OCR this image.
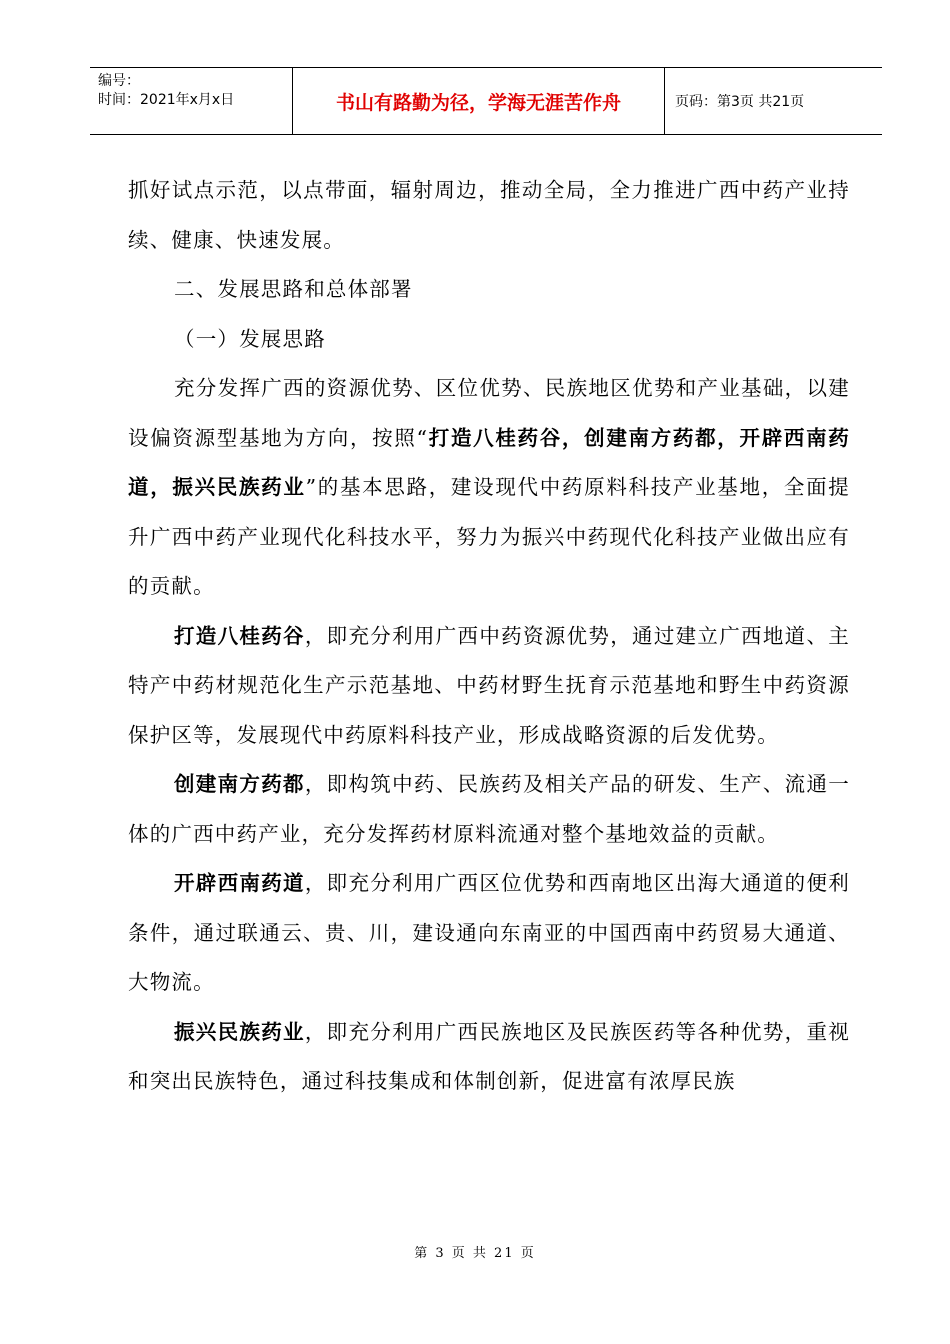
编号：
时间：2021年x月x日	书山有路勤为径，学海无涯苦作舟	页码：第3页 共21页

抓好试点示范，以点带面，辐射周边，推动全局，全力推进广西中药产业持续、健康、快速发展。

二、发展思路和总体部署

（一）发展思路

充分发挥广西的资源优势、区位优势、民族地区优势和产业基础，以建设偏资源型基地为方向，按照“打造八桂药谷，创建南方药都，开辟西南药道，振兴民族药业”的基本思路，建设现代中药原料科技产业基地，全面提升广西中药产业现代化科技水平，努力为振兴中药现代化科技产业做出应有的贡献。

打造八桂药谷，即充分利用广西中药资源优势，通过建立广西地道、主特产中药材规范化生产示范基地、中药材野生抚育示范基地和野生中药资源保护区等，发展现代中药原料科技产业，形成战略资源的后发优势。

创建南方药都，即构筑中药、民族药及相关产品的研发、生产、流通一体的广西中药产业，充分发挥药材原料流通对整个基地效益的贡献。

开辟西南药道，即充分利用广西区位优势和西南地区出海大通道的便利条件，通过联通云、贵、川，建设通向东南亚的中国西南中药贸易大通道、大物流。

振兴民族药业，即充分利用广西民族地区及民族医药等各种优势，重视和突出民族特色，通过科技集成和体制创新，促进富有浓厚民族

第 3 页 共 21 页
